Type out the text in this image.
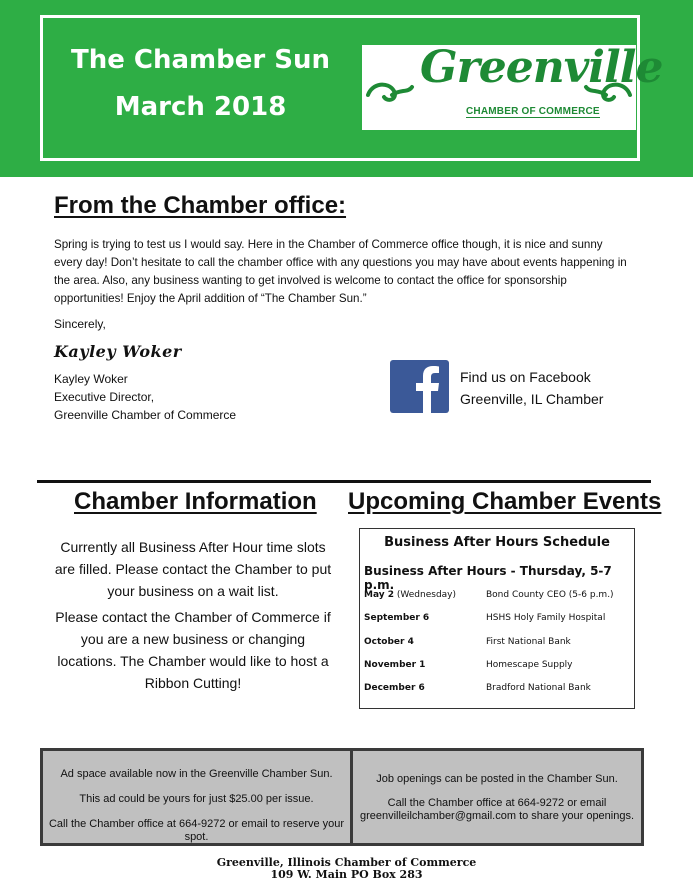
The Chamber Sun
March 2018
Greenville
CHAMBER OF COMMERCE
From the Chamber office:
Spring is trying to test us I would say. Here in the Chamber of Commerce office though, it is nice and sunny every day! Don’t hesitate to call the chamber office with any questions you may have about events happening in the area. Also, any business wanting to get involved is welcome to contact the office for sponsorship opportunities! Enjoy the April addition of “The Chamber Sun.”
Sincerely,
Kayley Woker
Kayley Woker
Executive Director,
Greenville Chamber of Commerce
Find us on Facebook
Greenville, IL Chamber
Chamber Information
Currently all Business After Hour time slots are filled. Please contact the Chamber to put your business on a wait list.
Please contact the Chamber of Commerce if you are a new business or changing locations. The Chamber would like to host a Ribbon Cutting!
Upcoming Chamber Events
Business After Hours Schedule
Business After Hours - Thursday, 5-7 p.m.
May 2 (Wednesday)	Bond County CEO (5-6 p.m.)
September 6	HSHS Holy Family Hospital
October 4	First National Bank
November 1	Homescape Supply
December 6	Bradford National Bank
Ad space available now in the Greenville Chamber Sun.
This ad could be yours for just $25.00 per issue.
Call the Chamber office at 664-9272 or email to reserve your spot.
Job openings can be posted in the Chamber Sun.
Call the Chamber office at 664-9272 or email greenvilleilchamber@gmail.com to share your openings.
Greenville, Illinois Chamber of Commerce
109 W. Main PO Box 283
